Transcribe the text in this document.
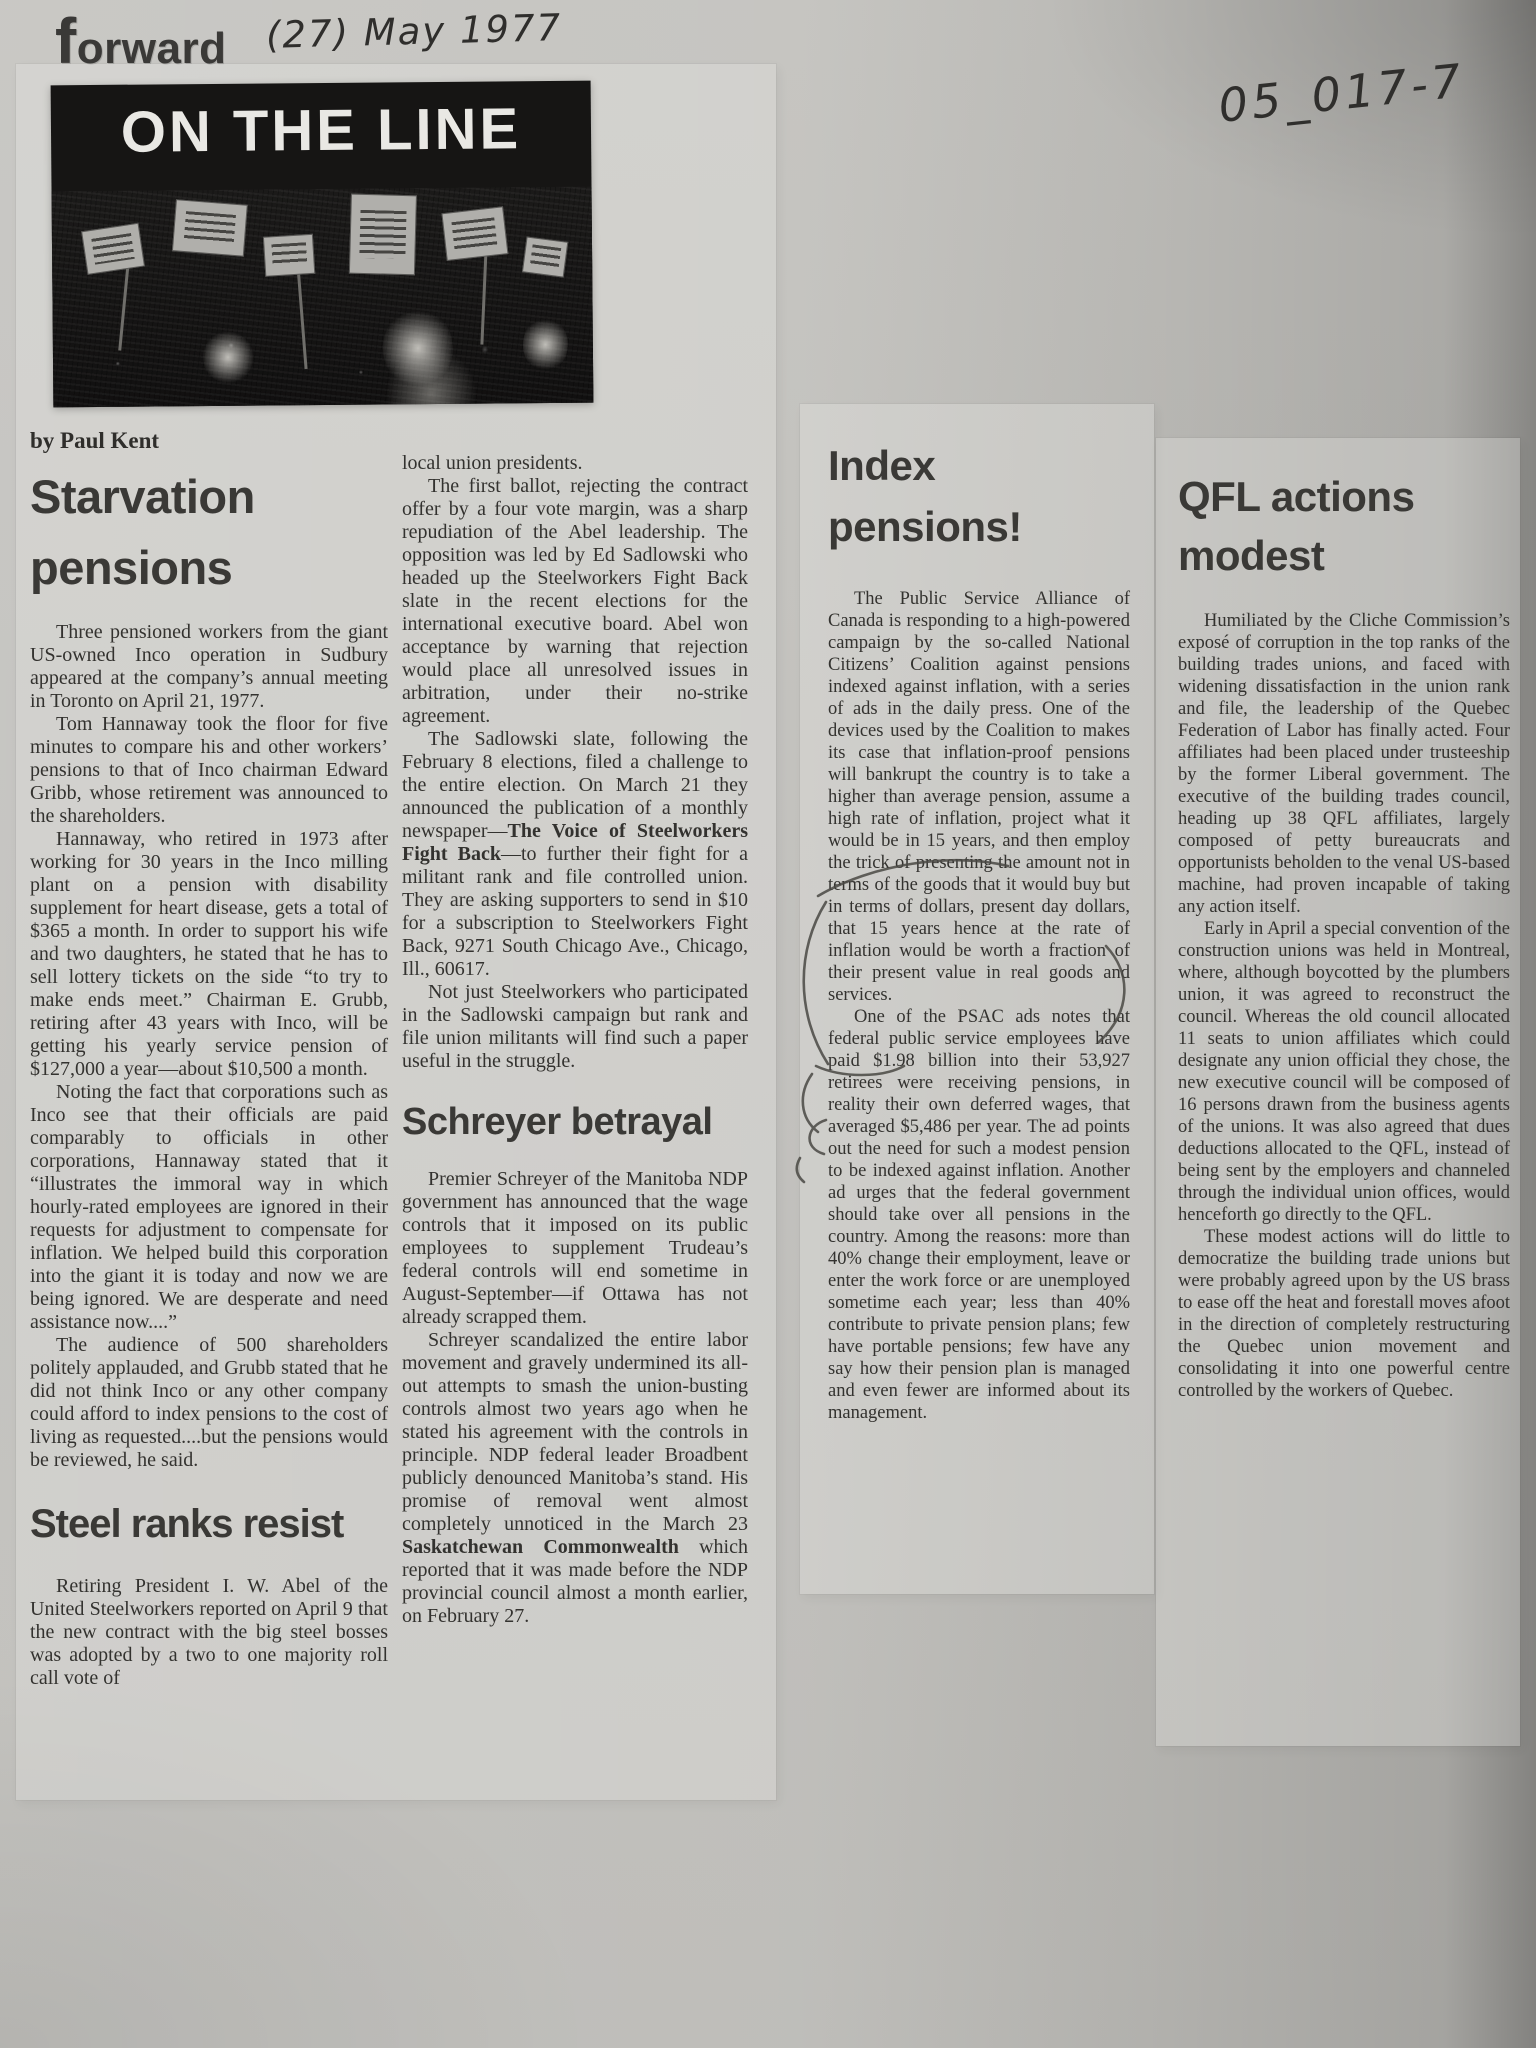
forward (27) May 1977
05_017-7
ON THE LINE
by Paul Kent
Starvation
pensions

Three pensioned workers from the giant US-owned Inco operation in Sudbury appeared at the company’s annual meeting in Toronto on April 21, 1977.

Tom Hannaway took the floor for five minutes to compare his and other workers’ pensions to that of Inco chairman Edward Gribb, whose retirement was announced to the shareholders.

Hannaway, who retired in 1973 after working for 30 years in the Inco milling plant on a pension with disability supplement for heart disease, gets a total of $365 a month. In order to support his wife and two daughters, he stated that he has to sell lottery tickets on the side “to try to make ends meet.” Chairman E. Grubb, retiring after 43 years with Inco, will be getting his yearly service pension of $127,000 a year—about $10,500 a month.

Noting the fact that corporations such as Inco see that their officials are paid comparably to officials in other corporations, Hannaway stated that it “illustrates the immoral way in which hourly-rated employees are ignored in their requests for adjustment to compensate for inflation. We helped build this corporation into the giant it is today and now we are being ignored. We are desperate and need assistance now....”

The audience of 500 shareholders politely applauded, and Grubb stated that he did not think Inco or any other company could afford to index pensions to the cost of living as requested....but the pensions would be reviewed, he said.

Steel ranks resist

Retiring President I. W. Abel of the United Steelworkers reported on April 9 that the new contract with the big steel bosses was adopted by a two to one majority roll call vote of

local union presidents.

The first ballot, rejecting the contract offer by a four vote margin, was a sharp repudiation of the Abel leadership. The opposition was led by Ed Sadlowski who headed up the Steelworkers Fight Back slate in the recent elections for the international executive board. Abel won acceptance by warning that rejection would place all unresolved issues in arbitration, under their no-strike agreement.

The Sadlowski slate, following the February 8 elections, filed a challenge to the entire election. On March 21 they announced the publication of a monthly newspaper—The Voice of Steelworkers Fight Back—to further their fight for a militant rank and file controlled union. They are asking supporters to send in $10 for a subscription to Steelworkers Fight Back, 9271 South Chicago Ave., Chicago, Ill., 60617.

Not just Steelworkers who participated in the Sadlowski campaign but rank and file union militants will find such a paper useful in the struggle.

Schreyer betrayal

Premier Schreyer of the Manitoba NDP government has announced that the wage controls that it imposed on its public employees to supplement Trudeau’s federal controls will end sometime in August-September—if Ottawa has not already scrapped them.

Schreyer scandalized the entire labor movement and gravely undermined its all-out attempts to smash the union-busting controls almost two years ago when he stated his agreement with the controls in principle. NDP federal leader Broadbent publicly denounced Manitoba’s stand. His promise of removal went almost completely unnoticed in the March 23 Saskatchewan Commonwealth which reported that it was made before the NDP provincial council almost a month earlier, on February 27.

Index
pensions!

The Public Service Alliance of Canada is responding to a high-powered campaign by the so-called National Citizens’ Coalition against pensions indexed against inflation, with a series of ads in the daily press. One of the devices used by the Coalition to makes its case that inflation-proof pensions will bankrupt the country is to take a higher than average pension, assume a high rate of inflation, project what it would be in 15 years, and then employ the trick of presenting the amount not in terms of the goods that it would buy but in terms of dollars, present day dollars, that 15 years hence at the rate of inflation would be worth a fraction of their present value in real goods and services.

One of the PSAC ads notes that federal public service employees have paid $1.98 billion into their 53,927 retirees were receiving pensions, in reality their own deferred wages, that averaged $5,486 per year. The ad points out the need for such a modest pension to be indexed against inflation. Another ad urges that the federal government should take over all pensions in the country. Among the reasons: more than 40% change their employment, leave or enter the work force or are unemployed sometime each year; less than 40% contribute to private pension plans; few have portable pensions; few have any say how their pension plan is managed and even fewer are informed about its management.

QFL actions
modest

Humiliated by the Cliche Commission’s exposé of corruption in the top ranks of the building trades unions, and faced with widening dissatisfaction in the union rank and file, the leadership of the Quebec Federation of Labor has finally acted. Four affiliates had been placed under trusteeship by the former Liberal government. The executive of the building trades council, heading up 38 QFL affiliates, largely composed of petty bureaucrats and opportunists beholden to the venal US-based machine, had proven incapable of taking any action itself.

Early in April a special convention of the construction unions was held in Montreal, where, although boycotted by the plumbers union, it was agreed to reconstruct the council. Whereas the old council allocated 11 seats to union affiliates which could designate any union official they chose, the new executive council will be composed of 16 persons drawn from the business agents of the unions. It was also agreed that dues deductions allocated to the QFL, instead of being sent by the employers and channeled through the individual union offices, would henceforth go directly to the QFL.

These modest actions will do little to democratize the building trade unions but were probably agreed upon by the US brass to ease off the heat and forestall moves afoot in the direction of completely restructuring the Quebec union movement and consolidating it into one powerful centre controlled by the workers of Quebec.
